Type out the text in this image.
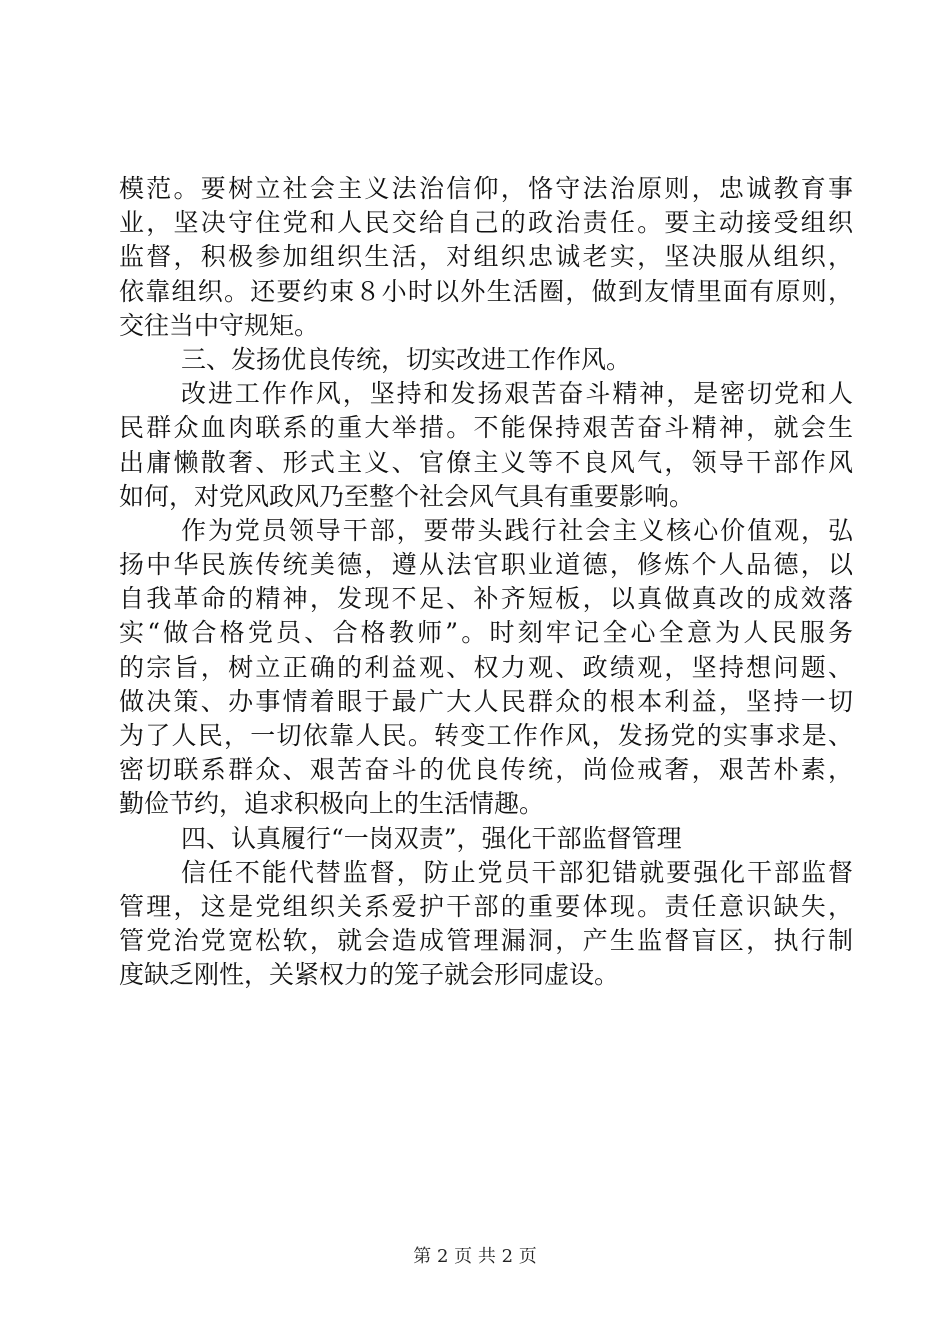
模范。要树立社会主义法治信仰，恪守法治原则，忠诚教育事
业，坚决守住党和人民交给自己的政治责任。要主动接受组织
监督，积极参加组织生活，对组织忠诚老实，坚决服从组织，
依靠组织。还要约束８小时以外生活圈，做到友情里面有原则，
交往当中守规矩。
三、发扬优良传统，切实改进工作作风。
改进工作作风，坚持和发扬艰苦奋斗精神，是密切党和人
民群众血肉联系的重大举措。不能保持艰苦奋斗精神，就会生
出庸懒散奢、形式主义、官僚主义等不良风气，领导干部作风
如何，对党风政风乃至整个社会风气具有重要影响。
作为党员领导干部，要带头践行社会主义核心价值观，弘
扬中华民族传统美德，遵从法官职业道德，修炼个人品德，以
自我革命的精神，发现不足、补齐短板，以真做真改的成效落
实“做合格党员、合格教师”。时刻牢记全心全意为人民服务
的宗旨，树立正确的利益观、权力观、政绩观，坚持想问题、
做决策、办事情着眼于最广大人民群众的根本利益，坚持一切
为了人民，一切依靠人民。转变工作作风，发扬党的实事求是、
密切联系群众、艰苦奋斗的优良传统，尚俭戒奢，艰苦朴素，
勤俭节约，追求积极向上的生活情趣。
四、认真履行“一岗双责”，强化干部监督管理
信任不能代替监督，防止党员干部犯错就要强化干部监督
管理，这是党组织关系爱护干部的重要体现。责任意识缺失，
管党治党宽松软，就会造成管理漏洞，产生监督盲区，执行制
度缺乏刚性，关紧权力的笼子就会形同虚设。
第 2 页 共 2 页
